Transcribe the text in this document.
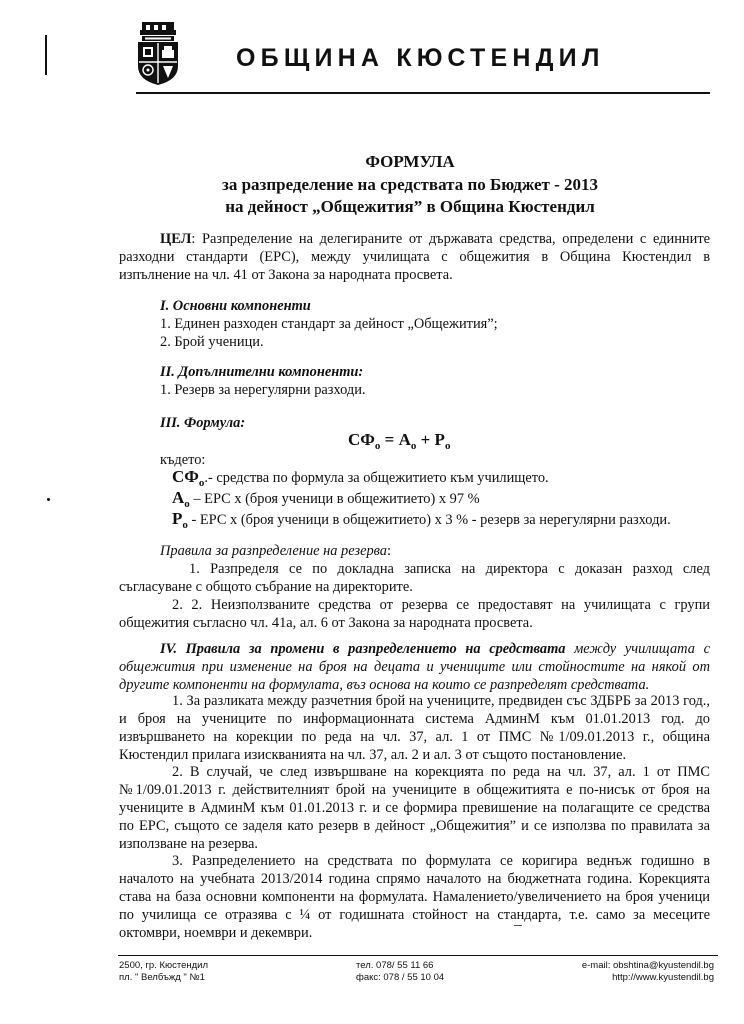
ОБЩИНА КЮСТЕНДИЛ
ФОРМУЛА
за разпределение на средствата по Бюджет - 2013
на дейност „Общежития” в Община Кюстендил
ЦЕЛ: Разпределение на делегираните от държавата средства, определени с единните
разходни стандарти (ЕРС), между училищата с общежития в Община Кюстендил в
изпълнение на чл. 41 от Закона за народната просвета.
I. Основни компоненти
1. Единен разходен стандарт за дейност „Общежития”;
2. Брой ученици.
II. Допълнителни компоненти:
1. Резерв за нерегулярни разходи.
III. Формула:
$СФ_о = А_о + Р_о$
където:
$СФ_о.-$ средства по формула за общежитието към училището.
$А_о$ – ЕРС х (броя ученици в общежитието) х 97 %
$Р_о$ - ЕРС х (броя ученици в общежитието) х 3 % - резерв за нерегулярни разходи.
Правила за разпределение на резерва:
1. Разпределя се по докладна записка на директора с доказан разход след
съгласуване с общото събрание на директорите.
2. 2. Неизползваните средства от резерва се предоставят на училищата с групи
общежития съгласно чл. 41а, ал. 6 от Закона за народната просвета.
IV. Правила за промени в разпределението на средствата между училищата с
общежития при изменение на броя на децата и учениците или стойностите на някой от
другите компоненти на формулата, въз основа на които се разпределят средствата.
1. За разликата между разчетния брой на учениците, предвиден със ЗДБРБ за 2013 год.,
и броя на учениците по информационната система АдминМ към 01.01.2013 год. до
извършването на корекции по реда на чл. 37, ал. 1 от ПМС №1/09.01.2013 г., община
Кюстендил прилага изискванията на чл. 37, ал. 2 и ал. 3 от същото постановление.
2. В случай, че след извършване на корекцията по реда на чл. 37, ал. 1 от ПМС
№1/09.01.2013 г. действителният брой на учениците в общежитията е по-нисък от броя на
учениците в АдминМ към 01.01.2013 г. и се формира превишение на полагащите се средства
по ЕРС, същото се заделя като резерв в дейност „Общежития” и се използва по правилата за
използване на резерва.
3. Разпределението на средствата по формулата се коригира веднъж годишно в
началото на учебната 2013/2014 година спрямо началото на бюджетната година. Корекцията
става на база основни компоненти на формулата. Намалението/увеличението на броя ученици
по училища се отразява с ¼ от годишната стойност на стандарта, т.е. само за месеците
октомври, ноември и декември.
2500, гр. Кюстендил
пл. " Велбъжд " №1
тел. 078/ 55 11 66
факс: 078 / 55 10 04
e-mail: obshtina@kyustendil.bg
http://www.kyustendil.bg
